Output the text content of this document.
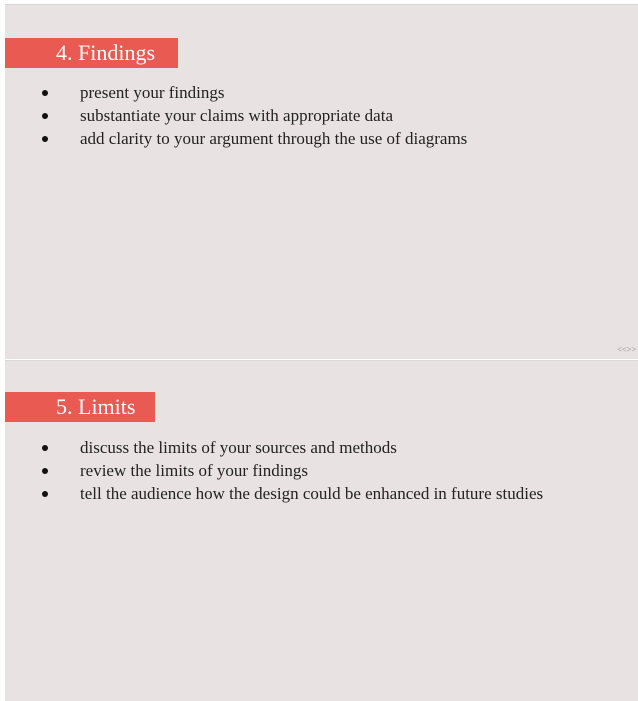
4. Findings
present your findings
substantiate your claims with appropriate data
add clarity to your argument through the use of diagrams
<<>>
5. Limits
discuss the limits of your sources and methods
review the limits of your findings
tell the audience how the design could be enhanced in future studies
